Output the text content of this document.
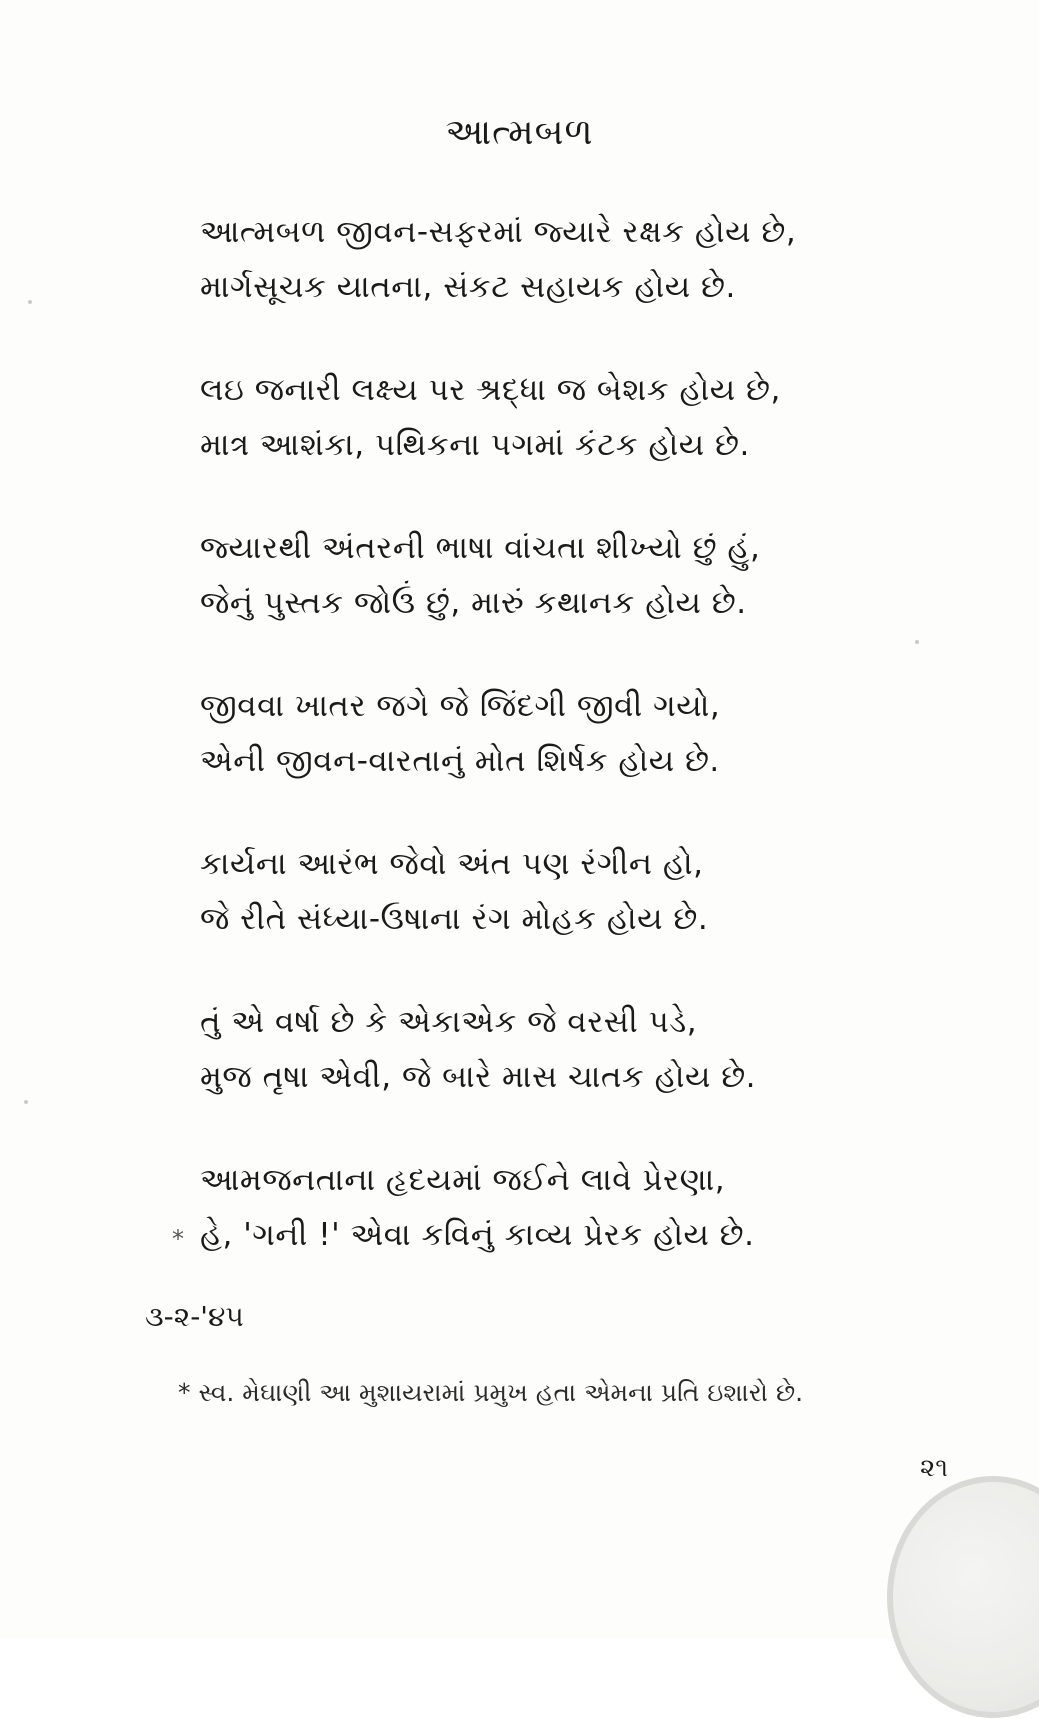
આત્મબળ
આત્મબળ જીવન-સફરમાં જ્યારે રક્ષક હોય છે,
માર્ગસૂચક યાતના, સંકટ સહાયક હોય છે.
લઇ જનારી લક્ષ્ય પર શ્રદ્ધા જ બેશક હોય છે,
માત્ર આશંકા, પથિકના પગમાં કંટક હોય છે.
જ્યારથી અંતરની ભાષા વાંચતા શીખ્યો છું હું,
જેનું પુસ્તક જોઉં છું, મારું કથાનક હોય છે.
જીવવા ખાતર જગે જે જિંદગી જીવી ગયો,
એની જીવન-વારતાનું મોત શિર્ષક હોય છે.
કાર્યના આરંભ જેવો અંત પણ રંગીન હો,
જે રીતે સંધ્યા-ઉષાના રંગ મોહક હોય છે.
તું એ વર્ષા છે કે એકાએક જે વરસી પડે,
મુજ તૃષા એવી, જે બારે માસ ચાતક હોય છે.
આમજનતાના હૃદયમાં જઈને લાવે પ્રેરણા,
* હે, 'ગની !' એવા કવિનું કાવ્ય પ્રેરક હોય છે.
૩-૨-'૪૫
* સ્વ. મેઘાણી આ મુશાયરામાં પ્રમુખ હતા એમના પ્રતિ ઇશારો છે.
૨૧
